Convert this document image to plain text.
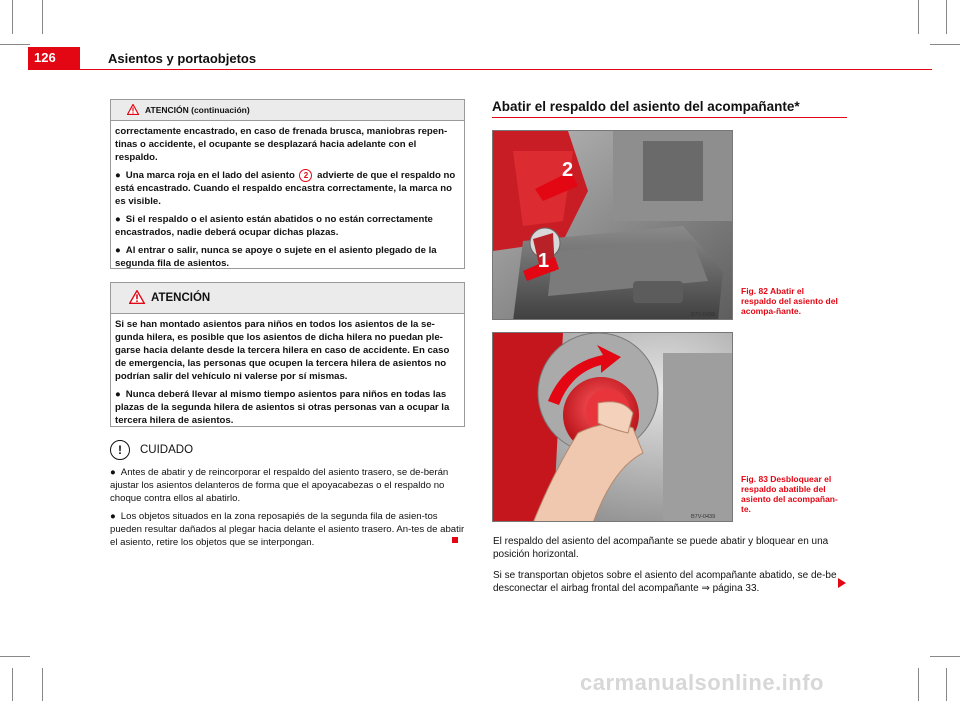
126	Asientos y portaobjetos
ATENCIÓN (continuación)

correctamente encastrado, en caso de frenada brusca, maniobras repen-tinas o accidente, el ocupante se desplazará hacia adelante con el respaldo.

● Una marca roja en el lado del asiento 2 advierte de que el respaldo no está encastrado. Cuando el respaldo encastra correctamente, la marca no es visible.

● Si el respaldo o el asiento están abatidos o no están correctamente encastrados, nadie deberá ocupar dichas plazas.

● Al entrar o salir, nunca se apoye o sujete en el asiento plegado de la segunda fila de asientos.

ATENCIÓN

Si se han montado asientos para niños en todos los asientos de la se-gunda hilera, es posible que los asientos de dicha hilera no puedan ple-garse hacia delante desde la tercera hilera en caso de accidente. En caso de emergencia, las personas que ocupen la tercera hilera de asientos no podrían salir del vehículo ni valerse por sí mismas.

● Nunca deberá llevar al mismo tiempo asientos para niños en todas las plazas de la segunda hilera de asientos si otras personas van a ocupar la tercera hilera de asientos.

!	CUIDADO

● Antes de abatir y de reincorporar el respaldo del asiento trasero, se de-berán ajustar los asientos delanteros de forma que el apoyacabezas o el respaldo no choque contra ellos al abatirlo.

● Los objetos situados en la zona reposapiés de la segunda fila de asien-tos pueden resultar dañados al plegar hacia delante el asiento trasero. An-tes de abatir el asiento, retire los objetos que se interpongan.

Abatir el respaldo del asiento del acompañante*
B7V-0438
2
1
Fig. 82 Abatir el respaldo del asiento del acompa-ñante.
B7V-0439
Fig. 83 Desbloquear el respaldo abatible del asiento del acompañan-te.

El respaldo del asiento del acompañante se puede abatir y bloquear en una posición horizontal.

Si se transportan objetos sobre el asiento del acompañante abatido, se de-be desconectar el airbag frontal del acompañante ⇒ página 33.

carmanualsonline.info
